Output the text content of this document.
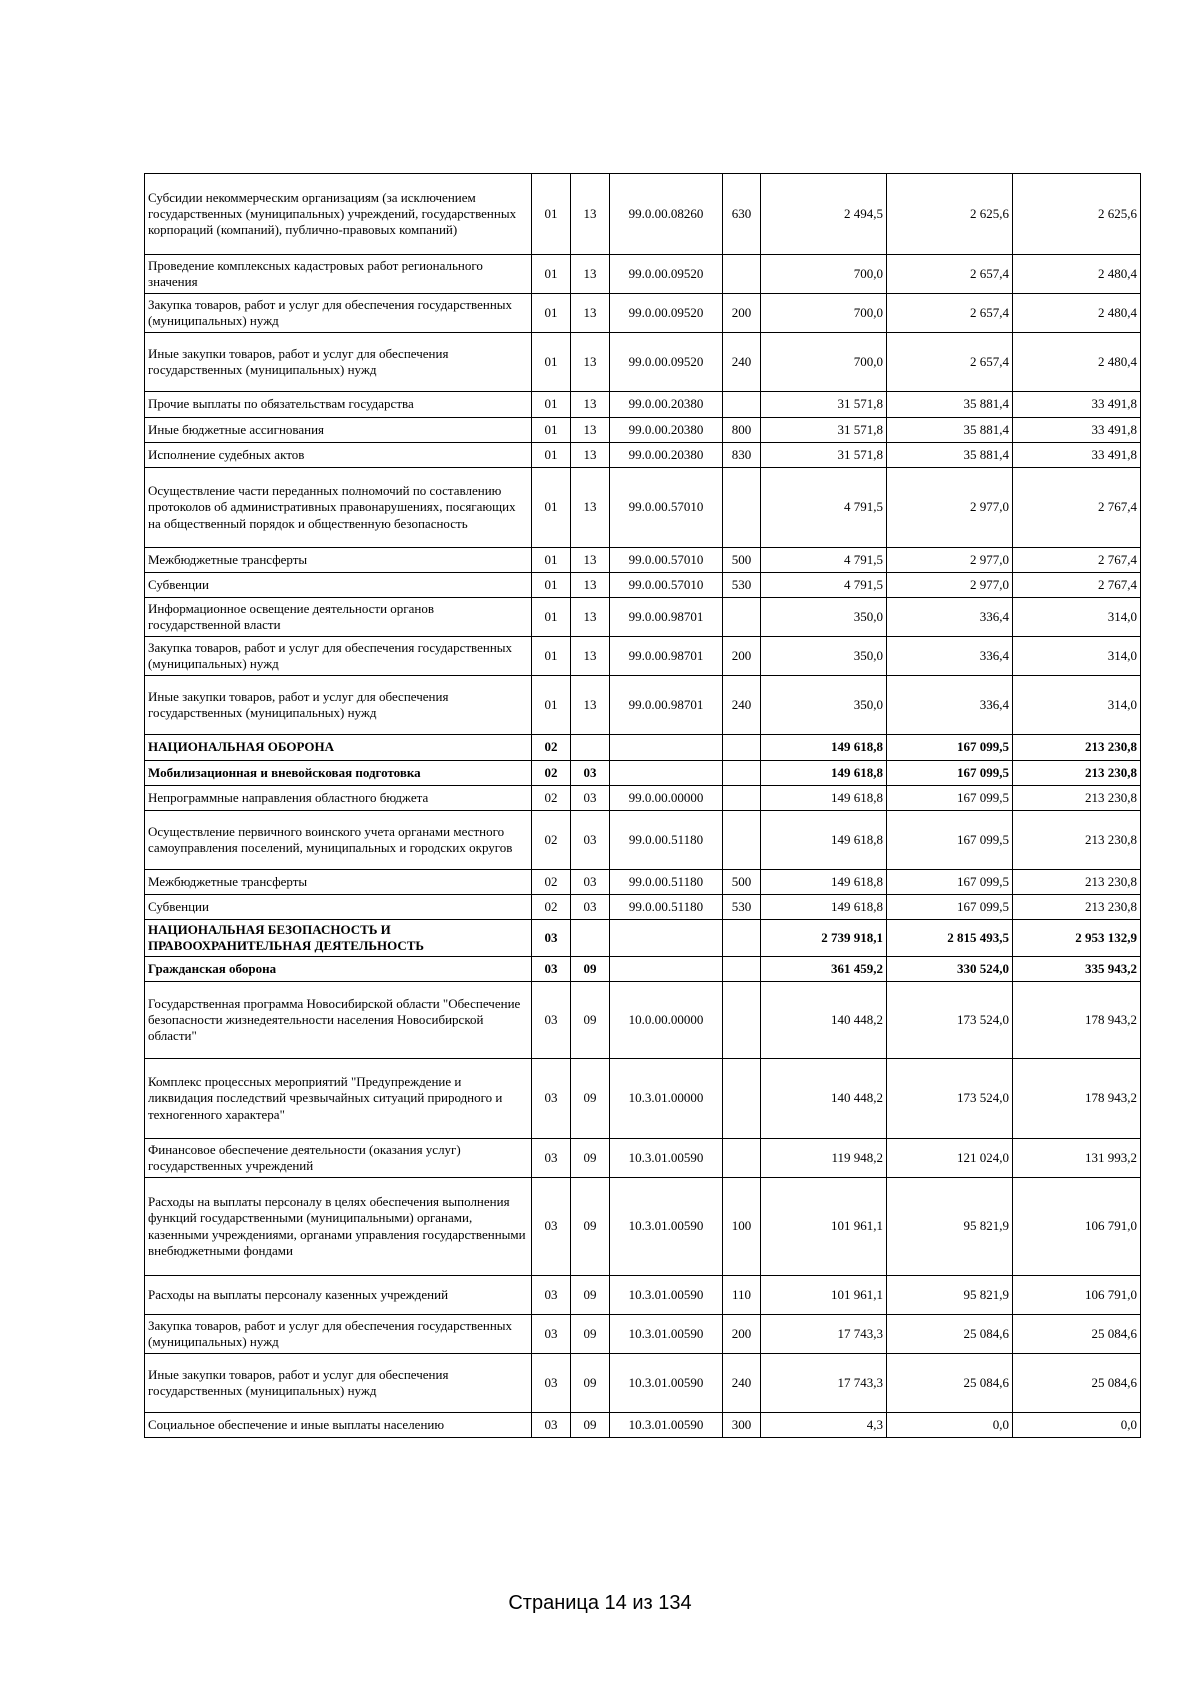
Субсидии некоммерческим организациям (за исключением государственных (муниципальных) учреждений, государственных корпораций (компаний), публично-правовых компаний)	01	13	99.0.00.08260	630	2 494,5	2 625,6	2 625,6
Проведение комплексных кадастровых работ регионального значения	01	13	99.0.00.09520		700,0	2 657,4	2 480,4
Закупка товаров, работ и услуг для обеспечения государственных (муниципальных) нужд	01	13	99.0.00.09520	200	700,0	2 657,4	2 480,4
Иные закупки товаров, работ и услуг для обеспечения государственных (муниципальных) нужд	01	13	99.0.00.09520	240	700,0	2 657,4	2 480,4
Прочие выплаты по обязательствам государства	01	13	99.0.00.20380		31 571,8	35 881,4	33 491,8
Иные бюджетные ассигнования	01	13	99.0.00.20380	800	31 571,8	35 881,4	33 491,8
Исполнение судебных актов	01	13	99.0.00.20380	830	31 571,8	35 881,4	33 491,8
Осуществление части переданных полномочий по составлению протоколов об административных правонарушениях, посягающих на общественный порядок и общественную безопасность	01	13	99.0.00.57010		4 791,5	2 977,0	2 767,4
Межбюджетные трансферты	01	13	99.0.00.57010	500	4 791,5	2 977,0	2 767,4
Субвенции	01	13	99.0.00.57010	530	4 791,5	2 977,0	2 767,4
Информационное освещение деятельности органов государственной власти	01	13	99.0.00.98701		350,0	336,4	314,0
Закупка товаров, работ и услуг для обеспечения государственных (муниципальных) нужд	01	13	99.0.00.98701	200	350,0	336,4	314,0
Иные закупки товаров, работ и услуг для обеспечения государственных (муниципальных) нужд	01	13	99.0.00.98701	240	350,0	336,4	314,0
НАЦИОНАЛЬНАЯ ОБОРОНА	02				149 618,8	167 099,5	213 230,8
Мобилизационная и вневойсковая подготовка	02	03			149 618,8	167 099,5	213 230,8
Непрограммные направления областного бюджета	02	03	99.0.00.00000		149 618,8	167 099,5	213 230,8
Осуществление первичного воинского учета органами местного самоуправления поселений, муниципальных и городских округов	02	03	99.0.00.51180		149 618,8	167 099,5	213 230,8
Межбюджетные трансферты	02	03	99.0.00.51180	500	149 618,8	167 099,5	213 230,8
Субвенции	02	03	99.0.00.51180	530	149 618,8	167 099,5	213 230,8
НАЦИОНАЛЬНАЯ БЕЗОПАСНОСТЬ И ПРАВООХРАНИТЕЛЬНАЯ ДЕЯТЕЛЬНОСТЬ	03				2 739 918,1	2 815 493,5	2 953 132,9
Гражданская оборона	03	09			361 459,2	330 524,0	335 943,2
Государственная программа Новосибирской области "Обеспечение безопасности жизнедеятельности населения Новосибирской области"	03	09	10.0.00.00000		140 448,2	173 524,0	178 943,2
Комплекс процессных мероприятий "Предупреждение и ликвидация последствий чрезвычайных ситуаций природного и техногенного характера"	03	09	10.3.01.00000		140 448,2	173 524,0	178 943,2
Финансовое обеспечение деятельности (оказания услуг) государственных учреждений	03	09	10.3.01.00590		119 948,2	121 024,0	131 993,2
Расходы на выплаты персоналу в целях обеспечения выполнения функций государственными (муниципальными) органами, казенными учреждениями, органами управления государственными внебюджетными фондами	03	09	10.3.01.00590	100	101 961,1	95 821,9	106 791,0
Расходы на выплаты персоналу казенных учреждений	03	09	10.3.01.00590	110	101 961,1	95 821,9	106 791,0
Закупка товаров, работ и услуг для обеспечения государственных (муниципальных) нужд	03	09	10.3.01.00590	200	17 743,3	25 084,6	25 084,6
Иные закупки товаров, работ и услуг для обеспечения государственных (муниципальных) нужд	03	09	10.3.01.00590	240	17 743,3	25 084,6	25 084,6
Социальное обеспечение и иные выплаты населению	03	09	10.3.01.00590	300	4,3	0,0	0,0
Страница 14 из 134
